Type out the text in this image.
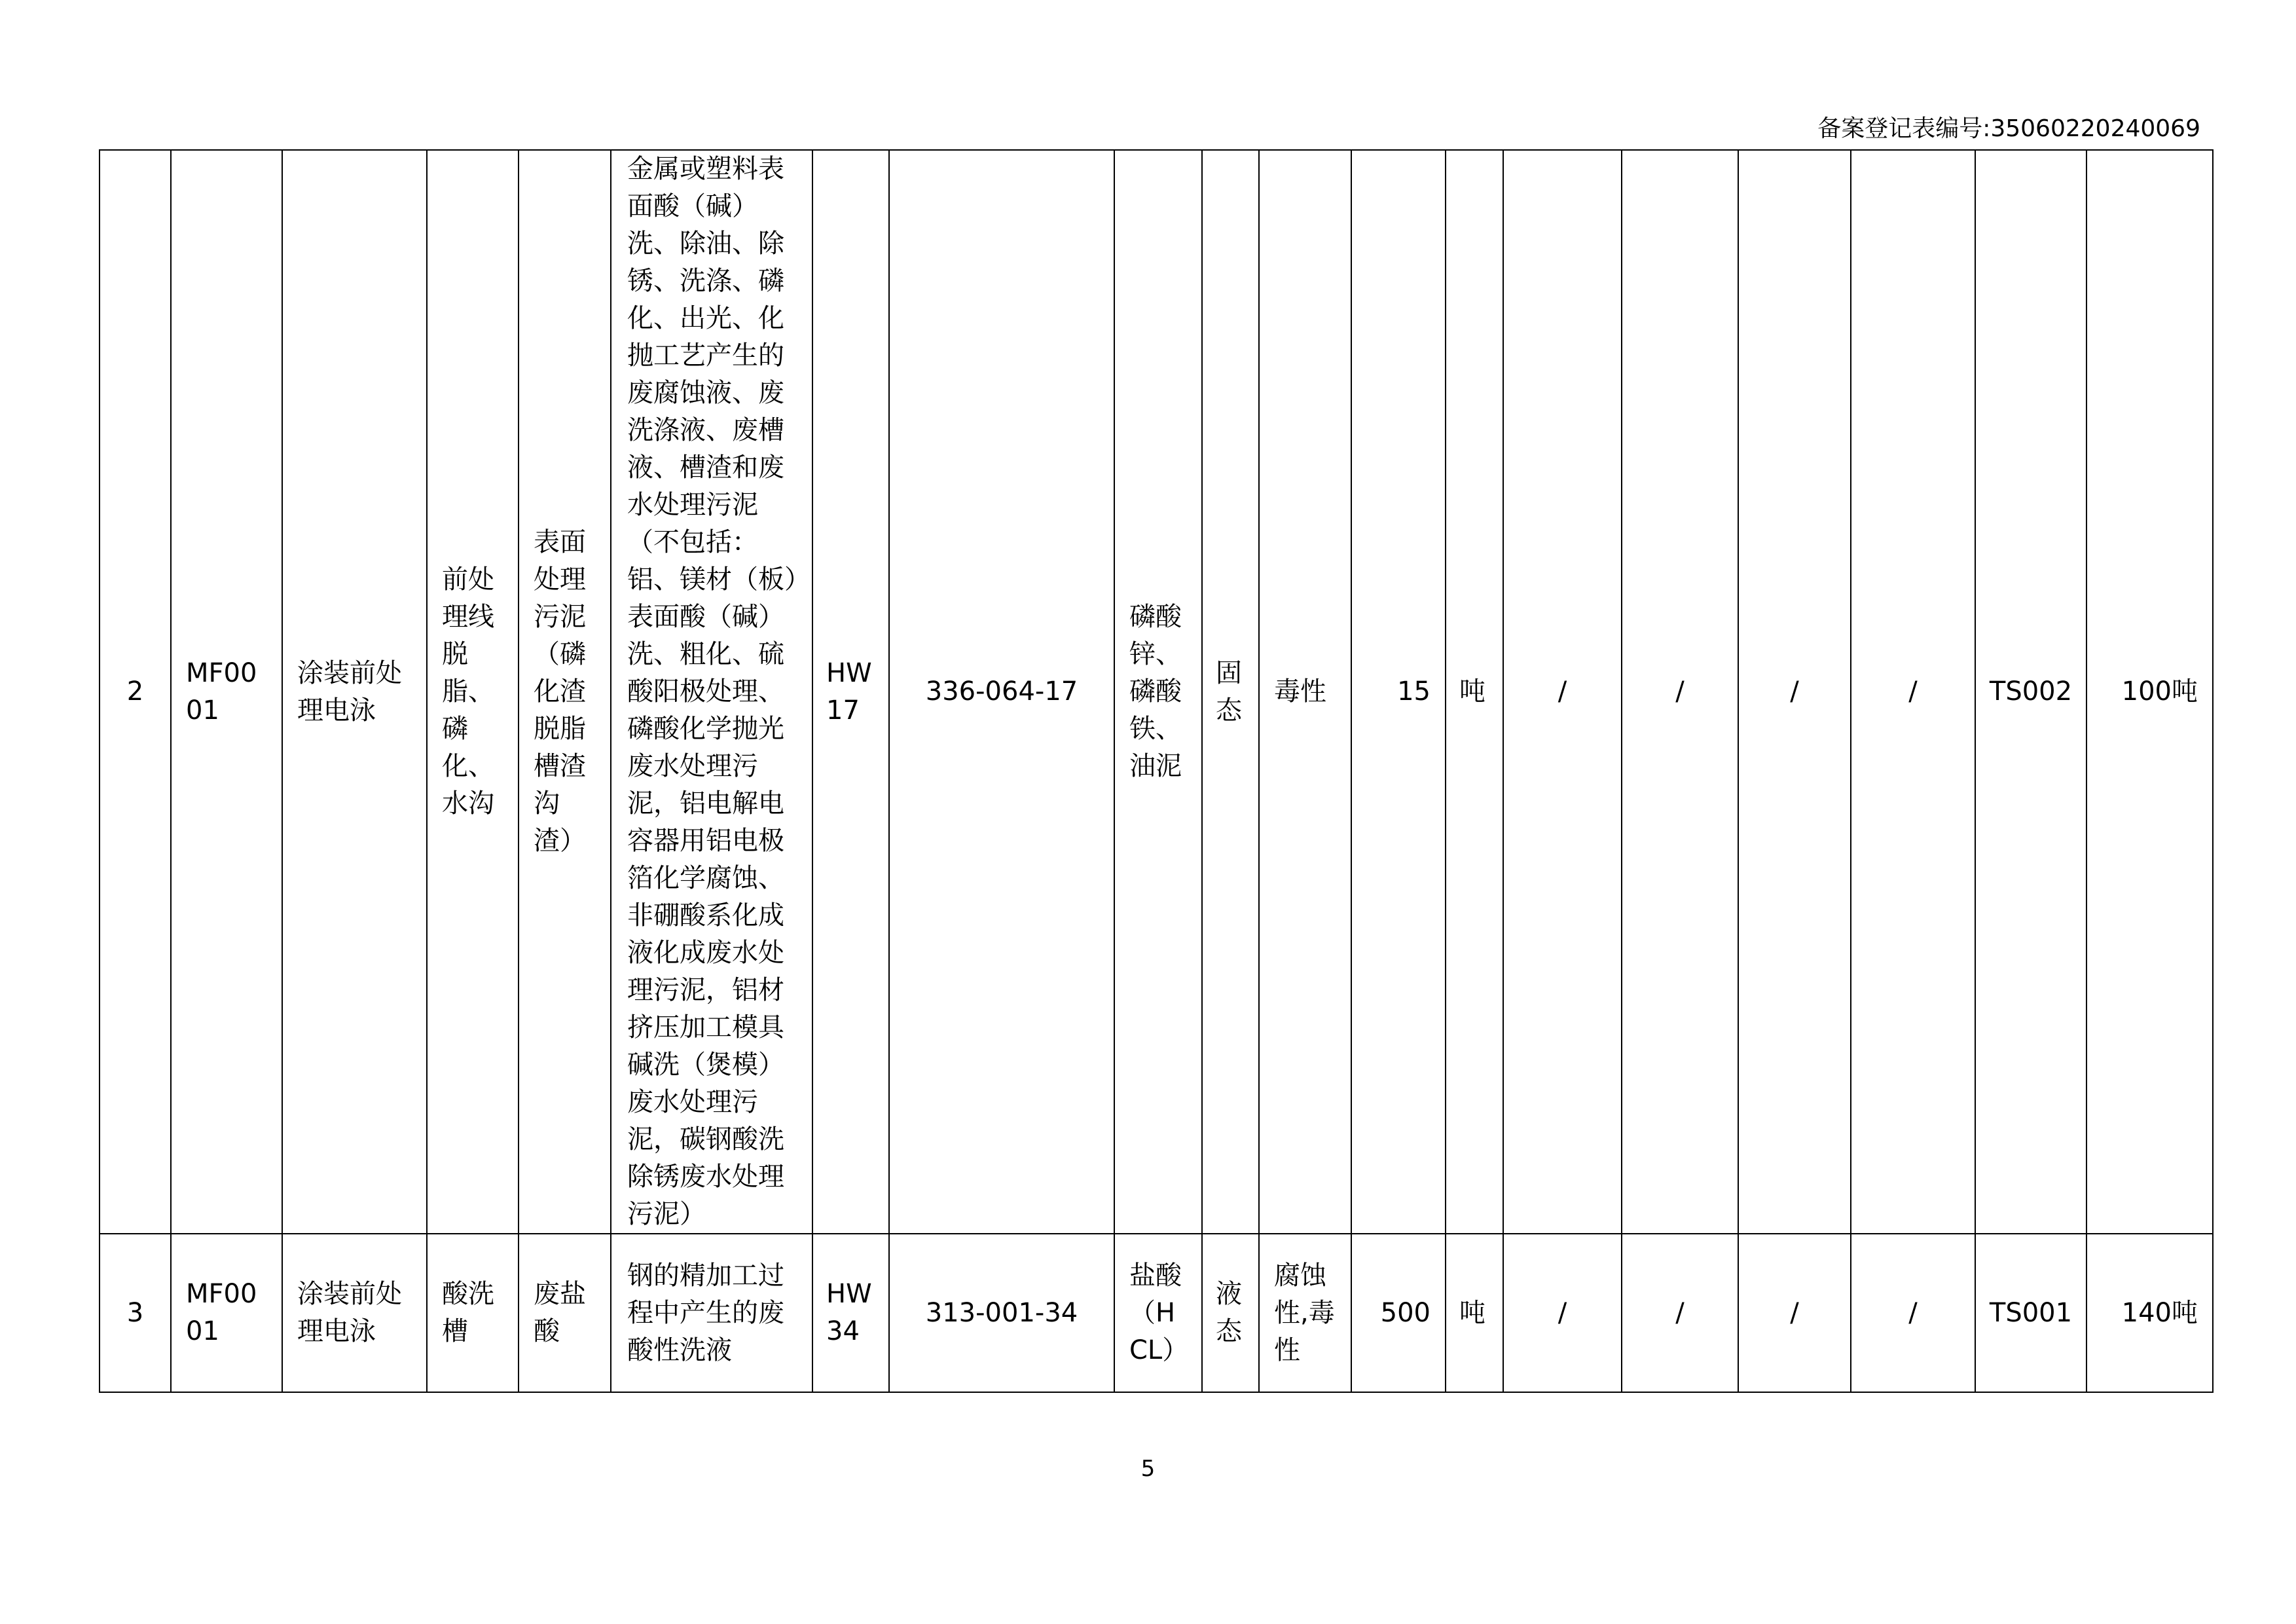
备案登记表编号:35060220240069
2	MF0001	涂装前处理电泳	前处理线脱脂、磷化、水沟	表面处理污泥（磷化渣脱脂槽渣沟渣）	金属或塑料表面酸（碱）洗、除油、除锈、洗涤、磷化、出光、化抛工艺产生的废腐蚀液、废洗涤液、废槽液、槽渣和废水处理污泥（不包括：铝、镁材（板）表面酸（碱）洗、粗化、硫酸阳极处理、磷酸化学抛光废水处理污泥，铝电解电容器用铝电极箔化学腐蚀、非硼酸系化成液化成废水处理污泥，铝材挤压加工模具碱洗（煲模）废水处理污泥，碳钢酸洗除锈废水处理污泥）	HW17	336-064-17	磷酸锌、磷酸铁、油泥	固态	毒性	15	吨	/	/	/	/	TS002	100吨
3	MF0001	涂装前处理电泳	酸洗槽	废盐酸	钢的精加工过程中产生的废酸性洗液	HW34	313-001-34	盐酸（HCL）	液态	腐蚀性,毒性	500	吨	/	/	/	/	TS001	140吨
5
